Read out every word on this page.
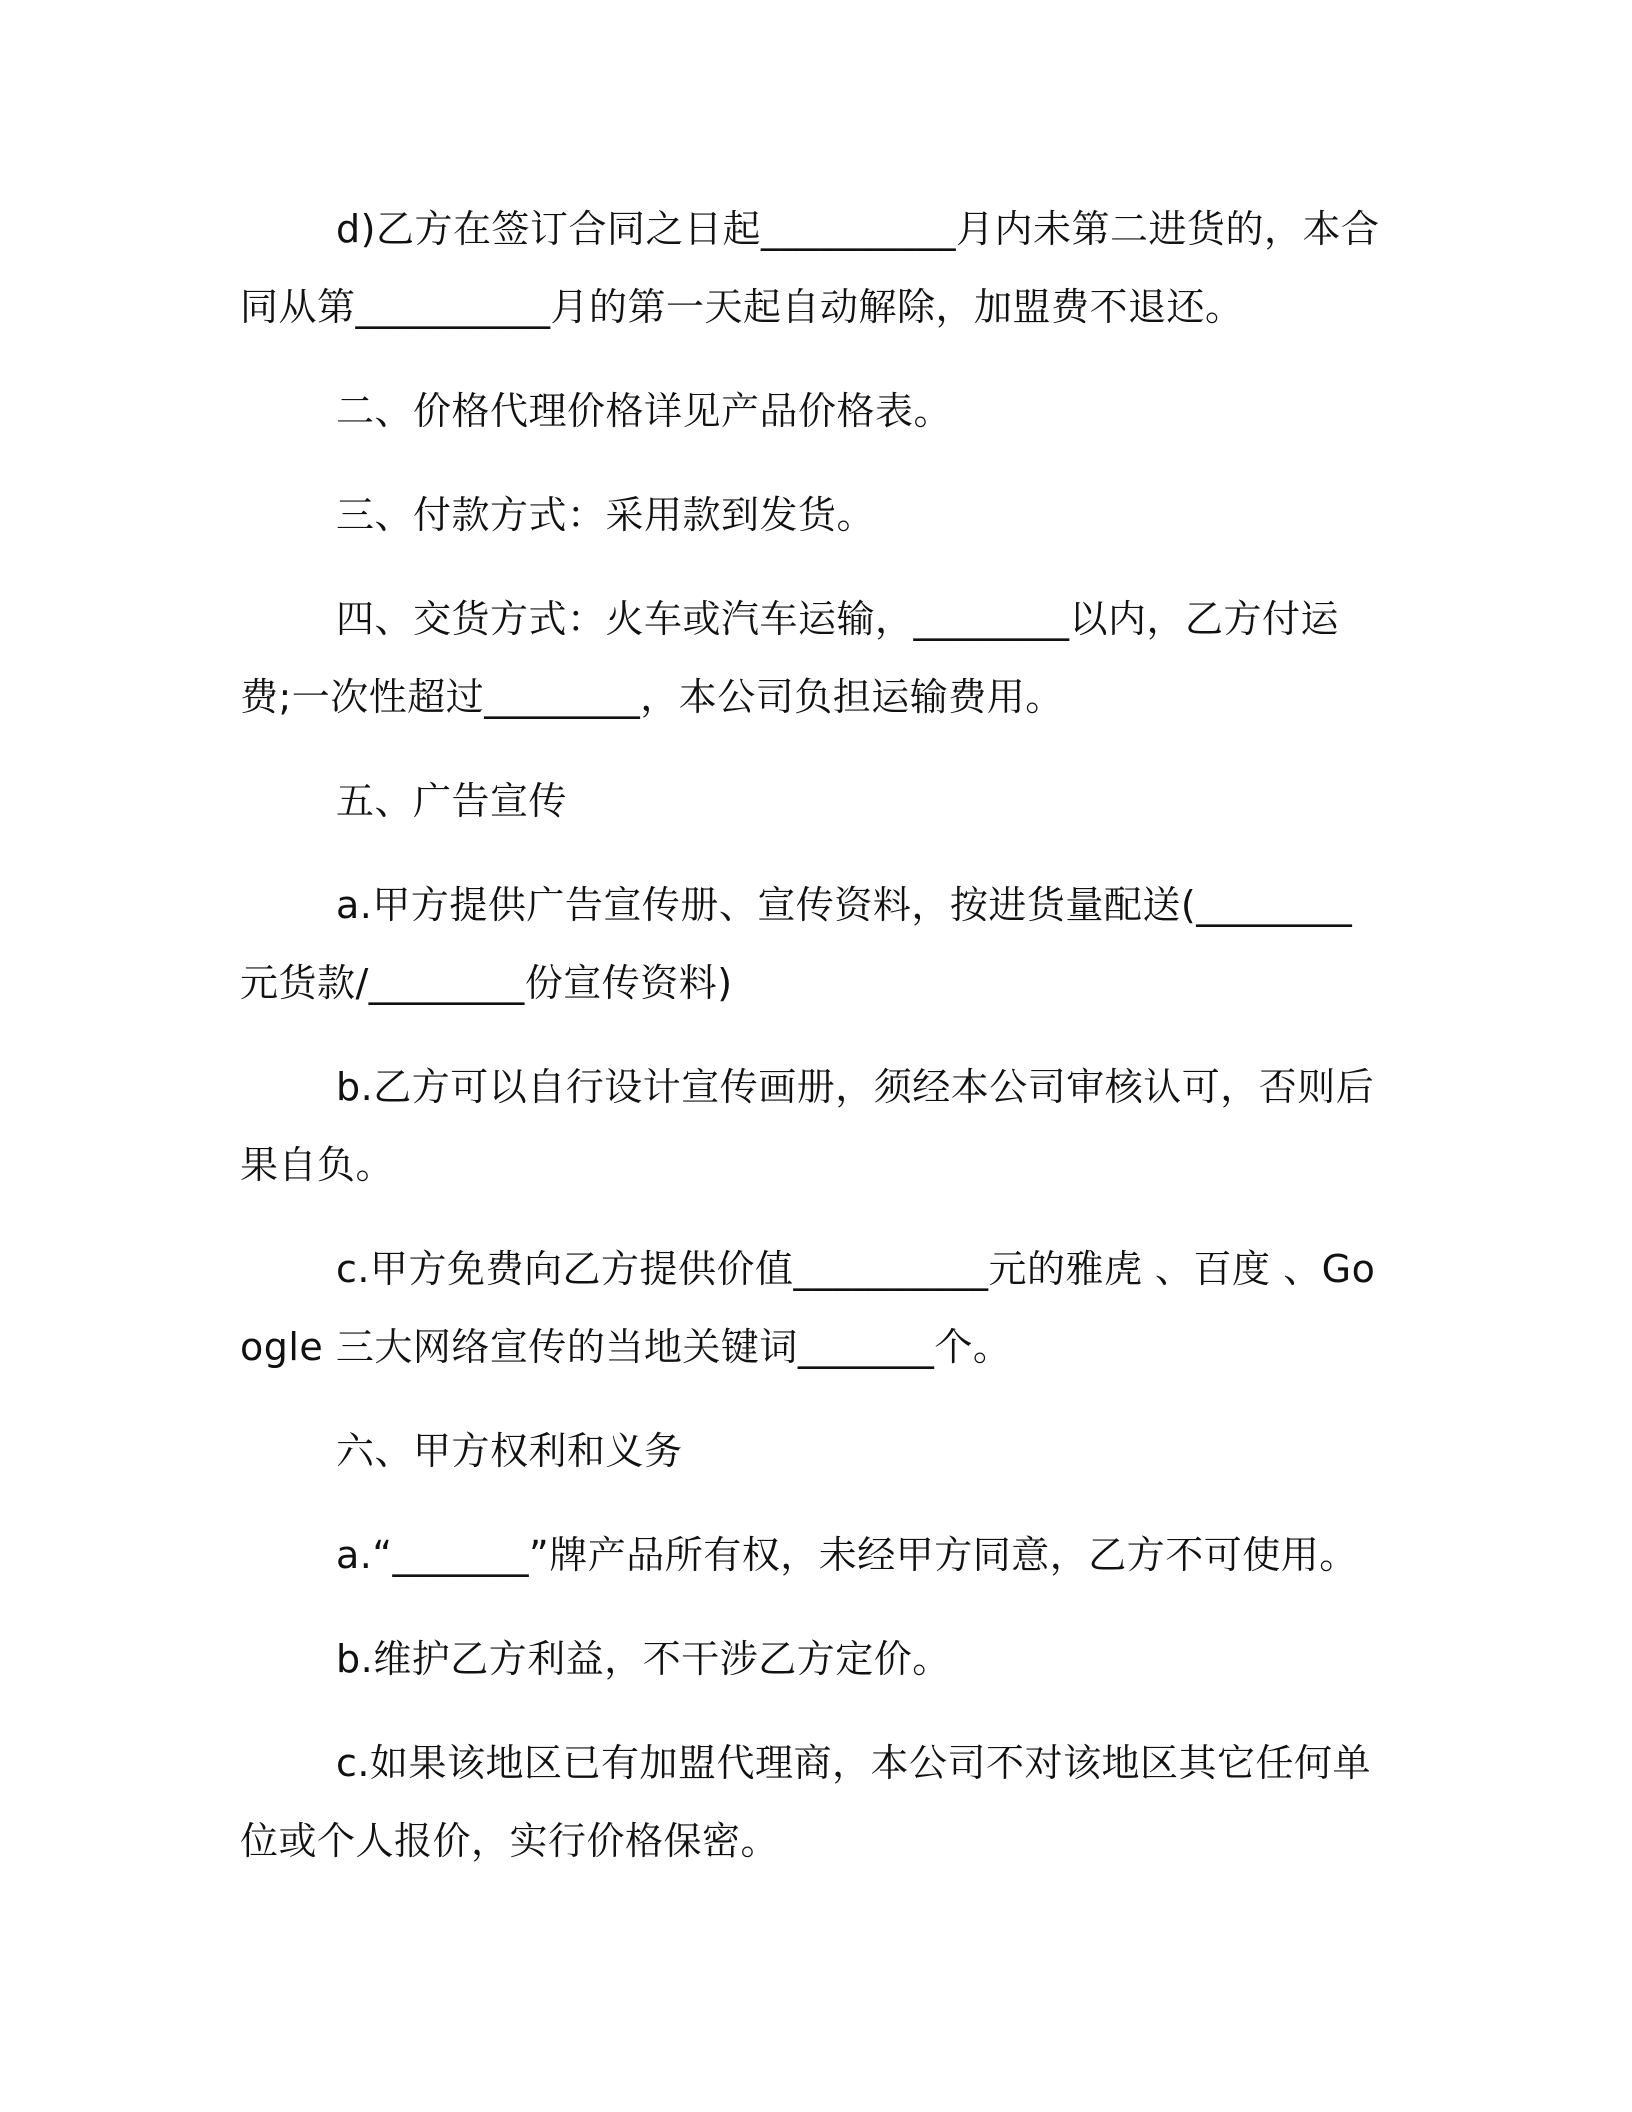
d)乙方在签订合同之日起__________月内未第二进货的，本合同从第__________月的第一天起自动解除，加盟费不退还。

二、价格代理价格详见产品价格表。

三、付款方式：采用款到发货。

四、交货方式：火车或汽车运输，________以内，乙方付运费;一次性超过________，本公司负担运输费用。

五、广告宣传

a.甲方提供广告宣传册、宣传资料，按进货量配送(________元货款/________份宣传资料)

b.乙方可以自行设计宣传画册，须经本公司审核认可，否则后果自负。

c.甲方免费向乙方提供价值__________元的雅虎 、百度 、Google 三大网络宣传的当地关键词_______个。

六、甲方权利和义务

a.“_______”牌产品所有权，未经甲方同意，乙方不可使用。

b.维护乙方利益，不干涉乙方定价。

c.如果该地区已有加盟代理商，本公司不对该地区其它任何单位或个人报价，实行价格保密。
